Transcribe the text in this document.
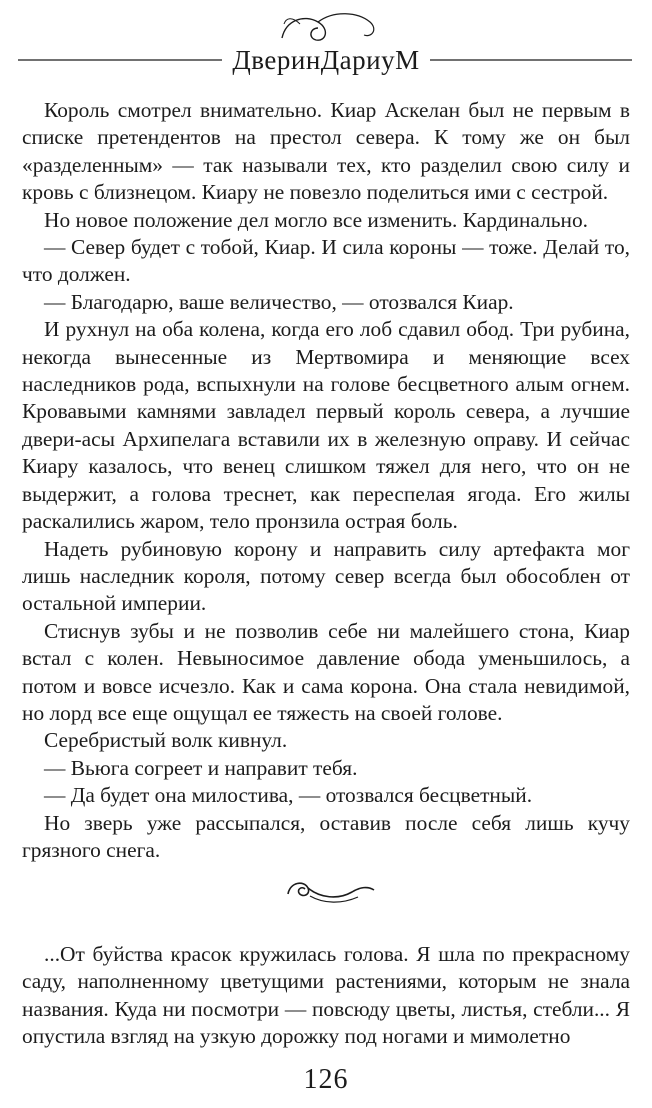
ДверинДариуМ

Король смотрел внимательно. Киар Аскелан был не первым в списке претендентов на престол севера. К тому же он был «разделенным» — так называли тех, кто разделил свою силу и кровь с близнецом. Киару не повезло поделиться ими с сестрой.

Но новое положение дел могло все изменить. Кардинально.

— Север будет с тобой, Киар. И сила короны — тоже. Делай то, что должен.

— Благодарю, ваше величество, — отозвался Киар.

И рухнул на оба колена, когда его лоб сдавил обод. Три рубина, некогда вынесенные из Мертвомира и меняющие всех наследников рода, вспыхнули на голове бесцветного алым огнем. Кровавыми камнями завладел первый король севера, а лучшие двери-асы Архипелага вставили их в железную оправу. И сейчас Киару казалось, что венец слишком тяжел для него, что он не выдержит, а голова треснет, как переспелая ягода. Его жилы раскалились жаром, тело пронзила острая боль.

Надеть рубиновую корону и направить силу артефакта мог лишь наследник короля, потому север всегда был обособлен от остальной империи.

Стиснув зубы и не позволив себе ни малейшего стона, Киар встал с колен. Невыносимое давление обода уменьшилось, а потом и вовсе исчезло. Как и сама корона. Она стала невидимой, но лорд все еще ощущал ее тяжесть на своей голове.

Серебристый волк кивнул.

— Вьюга согреет и направит тебя.

— Да будет она милостива, — отозвался бесцветный.

Но зверь уже рассыпался, оставив после себя лишь кучу грязного снега.

...От буйства красок кружилась голова. Я шла по прекрасному саду, наполненному цветущими растениями, которым не знала названия. Куда ни посмотри — повсюду цветы, листья, стебли... Я опустила взгляд на узкую дорожку под ногами и мимолетно

126
